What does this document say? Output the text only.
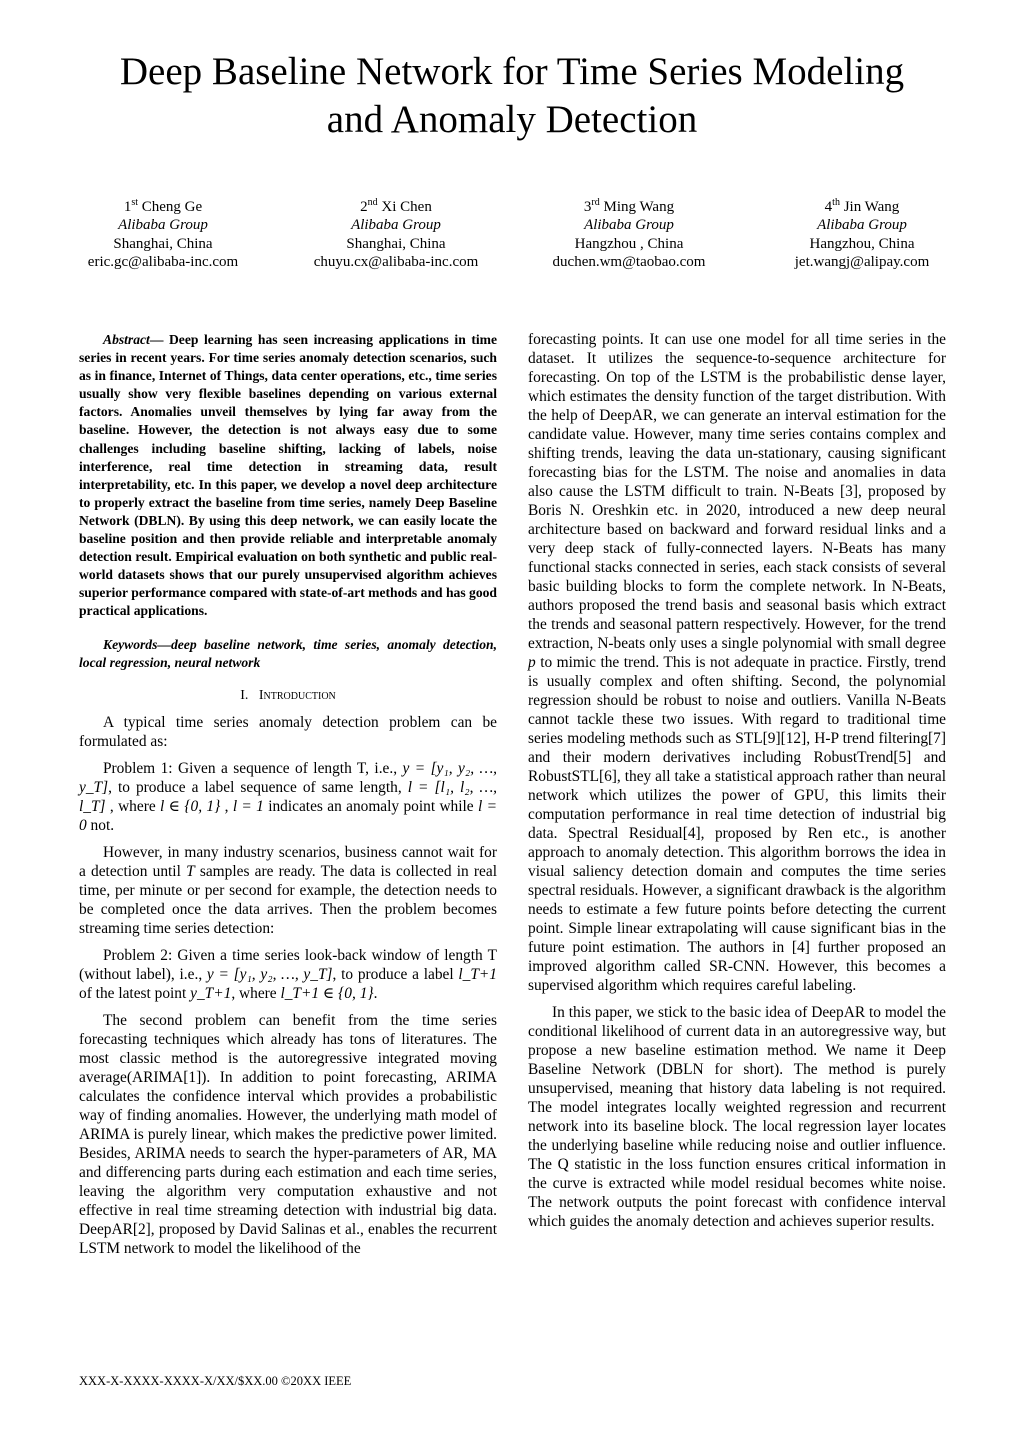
Deep Baseline Network for Time Series Modeling
and Anomaly Detection
1st Cheng Ge
Alibaba Group
Shanghai, China
eric.gc@alibaba-inc.com
2nd Xi Chen
Alibaba Group
Shanghai, China
chuyu.cx@alibaba-inc.com
3rd Ming Wang
Alibaba Group
Hangzhou , China
duchen.wm@taobao.com
4th Jin Wang
Alibaba Group
Hangzhou, China
jet.wangj@alipay.com

Abstract— Deep learning has seen increasing applications in time series in recent years. For time series anomaly detection scenarios, such as in finance, Internet of Things, data center operations, etc., time series usually show very flexible baselines depending on various external factors. Anomalies unveil themselves by lying far away from the baseline. However, the detection is not always easy due to some challenges including baseline shifting, lacking of labels, noise interference, real time detection in streaming data, result interpretability, etc. In this paper, we develop a novel deep architecture to properly extract the baseline from time series, namely Deep Baseline Network (DBLN). By using this deep network, we can easily locate the baseline position and then provide reliable and interpretable anomaly detection result. Empirical evaluation on both synthetic and public real-world datasets shows that our purely unsupervised algorithm achieves superior performance compared with state-of-art methods and has good practical applications.

Keywords—deep baseline network, time series, anomaly detection, local regression, neural network

I. Introduction

A typical time series anomaly detection problem can be formulated as:

Problem 1: Given a sequence of length T, i.e., y = [y₁, y₂, …, y_T], to produce a label sequence of same length, l = [l₁, l₂, …, l_T] , where l ∈ {0, 1} , l = 1 indicates an anomaly point while l = 0 not.

However, in many industry scenarios, business cannot wait for a detection until T samples are ready. The data is collected in real time, per minute or per second for example, the detection needs to be completed once the data arrives. Then the problem becomes streaming time series detection:

Problem 2: Given a time series look-back window of length T (without label), i.e., y = [y₁, y₂, …, y_T], to produce a label l_T+1 of the latest point y_T+1, where l_T+1 ∈ {0, 1}.

The second problem can benefit from the time series forecasting techniques which already has tons of literatures. The most classic method is the autoregressive integrated moving average(ARIMA[1]). In addition to point forecasting, ARIMA calculates the confidence interval which provides a probabilistic way of finding anomalies. However, the underlying math model of ARIMA is purely linear, which makes the predictive power limited. Besides, ARIMA needs to search the hyper-parameters of AR, MA and differencing parts during each estimation and each time series, leaving the algorithm very computation exhaustive and not effective in real time streaming detection with industrial big data. DeepAR[2], proposed by David Salinas et al., enables the recurrent LSTM network to model the likelihood of the

forecasting points. It can use one model for all time series in the dataset. It utilizes the sequence-to-sequence architecture for forecasting. On top of the LSTM is the probabilistic dense layer, which estimates the density function of the target distribution. With the help of DeepAR, we can generate an interval estimation for the candidate value. However, many time series contains complex and shifting trends, leaving the data un-stationary, causing significant forecasting bias for the LSTM. The noise and anomalies in data also cause the LSTM difficult to train. N-Beats [3], proposed by Boris N. Oreshkin etc. in 2020, introduced a new deep neural architecture based on backward and forward residual links and a very deep stack of fully-connected layers. N-Beats has many functional stacks connected in series, each stack consists of several basic building blocks to form the complete network. In N-Beats, authors proposed the trend basis and seasonal basis which extract the trends and seasonal pattern respectively. However, for the trend extraction, N-beats only uses a single polynomial with small degree p to mimic the trend. This is not adequate in practice. Firstly, trend is usually complex and often shifting. Second, the polynomial regression should be robust to noise and outliers. Vanilla N-Beats cannot tackle these two issues. With regard to traditional time series modeling methods such as STL[9][12], H-P trend filtering[7] and their modern derivatives including RobustTrend[5] and RobustSTL[6], they all take a statistical approach rather than neural network which utilizes the power of GPU, this limits their computation performance in real time detection of industrial big data. Spectral Residual[4], proposed by Ren etc., is another approach to anomaly detection. This algorithm borrows the idea in visual saliency detection domain and computes the time series spectral residuals. However, a significant drawback is the algorithm needs to estimate a few future points before detecting the current point. Simple linear extrapolating will cause significant bias in the future point estimation. The authors in [4] further proposed an improved algorithm called SR-CNN. However, this becomes a supervised algorithm which requires careful labeling.

In this paper, we stick to the basic idea of DeepAR to model the conditional likelihood of current data in an autoregressive way, but propose a new baseline estimation method. We name it Deep Baseline Network (DBLN for short). The method is purely unsupervised, meaning that history data labeling is not required. The model integrates locally weighted regression and recurrent network into its baseline block. The local regression layer locates the underlying baseline while reducing noise and outlier influence. The Q statistic in the loss function ensures critical information in the curve is extracted while model residual becomes white noise. The network outputs the point forecast with confidence interval which guides the anomaly detection and achieves superior results.

XXX-X-XXXX-XXXX-X/XX/$XX.00 ©20XX IEEE
